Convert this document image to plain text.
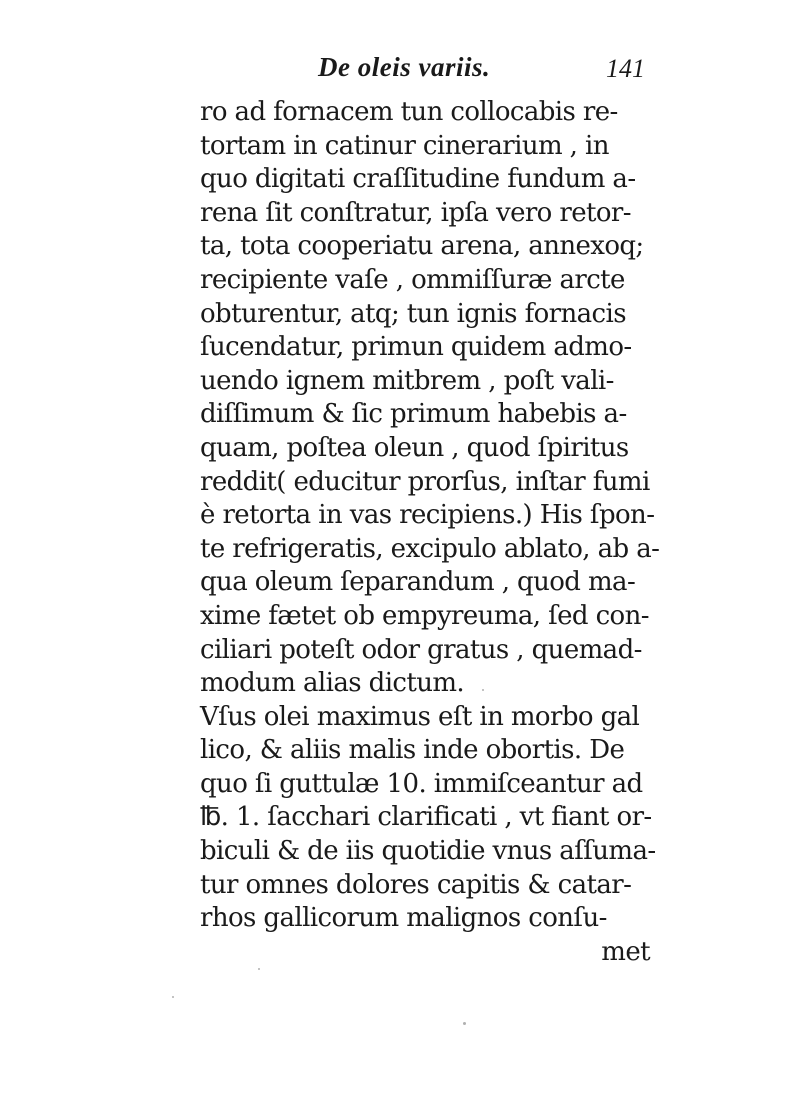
De oleis variis.	141
ro ad fornacem tun collocabis re-
tortam in catinur cinerarium , in
quo digitati craſſitudine fundum a-
rena ſit conſtratur, ipſa vero retor-
ta, tota cooperiatu arena, annexoq;
recipiente vaſe , ommiſſuræ arcte
obturentur, atq; tun ignis fornacis
ſucendatur, primun quidem admo-
uendo ignem mitbrem , poſt vali-
diſſimum & ſic primum habebis a-
quam, poſtea oleun , quod ſpiritus
reddit( educitur prorſus, inſtar fumi
è retorta in vas recipiens.) His ſpon-
te refrigeratis, excipulo ablato, ab a-
qua oleum ſeparandum , quod ma-
xime fætet ob empyreuma, ſed con-
ciliari poteſt odor gratus , quemad-
modum alias dictum.
Vſus olei maximus eſt in morbo gal
lico, & aliis malis inde obortis. De
quo ſi guttulæ 10. immiſceantur ad
℔. 1. ſacchari clarificati , vt fiant or-
biculi & de iis quotidie vnus aſſuma-
tur omnes dolores capitis & catar-
rhos gallicorum malignos conſu-
met
